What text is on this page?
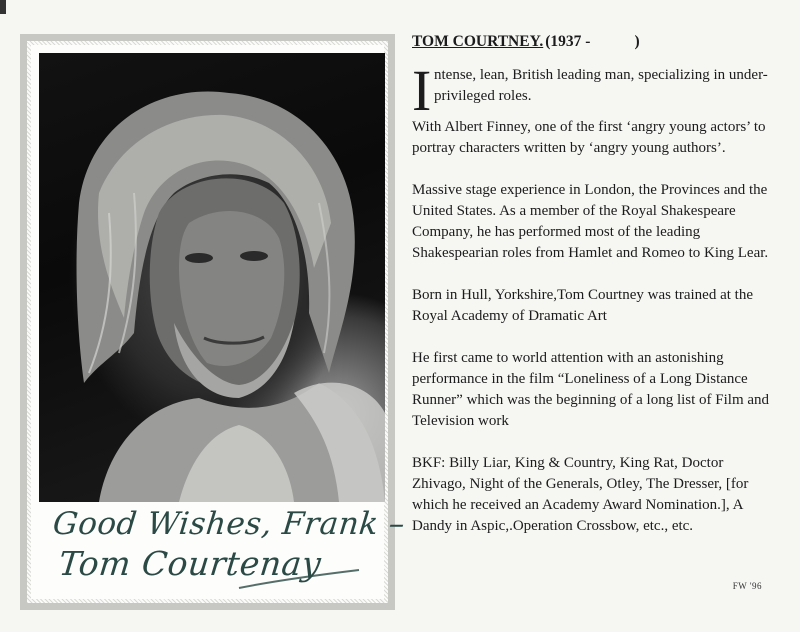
Good Wishes, Frank –
Tom Courtenay
TOM COURTNEY. (1937 -	)

I ntense, lean, British leading man, specializing in under-privileged roles.

With Albert Finney, one of the first ‘angry young actors’ to portray characters written by ‘angry young authors’.

Massive stage experience in London, the Provinces and the United States. As a member of the Royal Shakespeare Company, he has performed most of the leading Shakespearian roles from Hamlet and Romeo to King Lear.

Born in Hull, Yorkshire,Tom Courtney was trained at the Royal Academy of Dramatic Art

He first came to world attention with an astonishing performance in the film “Loneliness of a Long Distance Runner” which was the beginning of a long list of Film and Television work

BKF: Billy Liar, King & Country, King Rat, Doctor Zhivago, Night of the Generals, Otley, The Dresser, [for which he received an Academy Award Nomination.], A Dandy in Aspic,.Operation Crossbow, etc., etc.

FW '96
